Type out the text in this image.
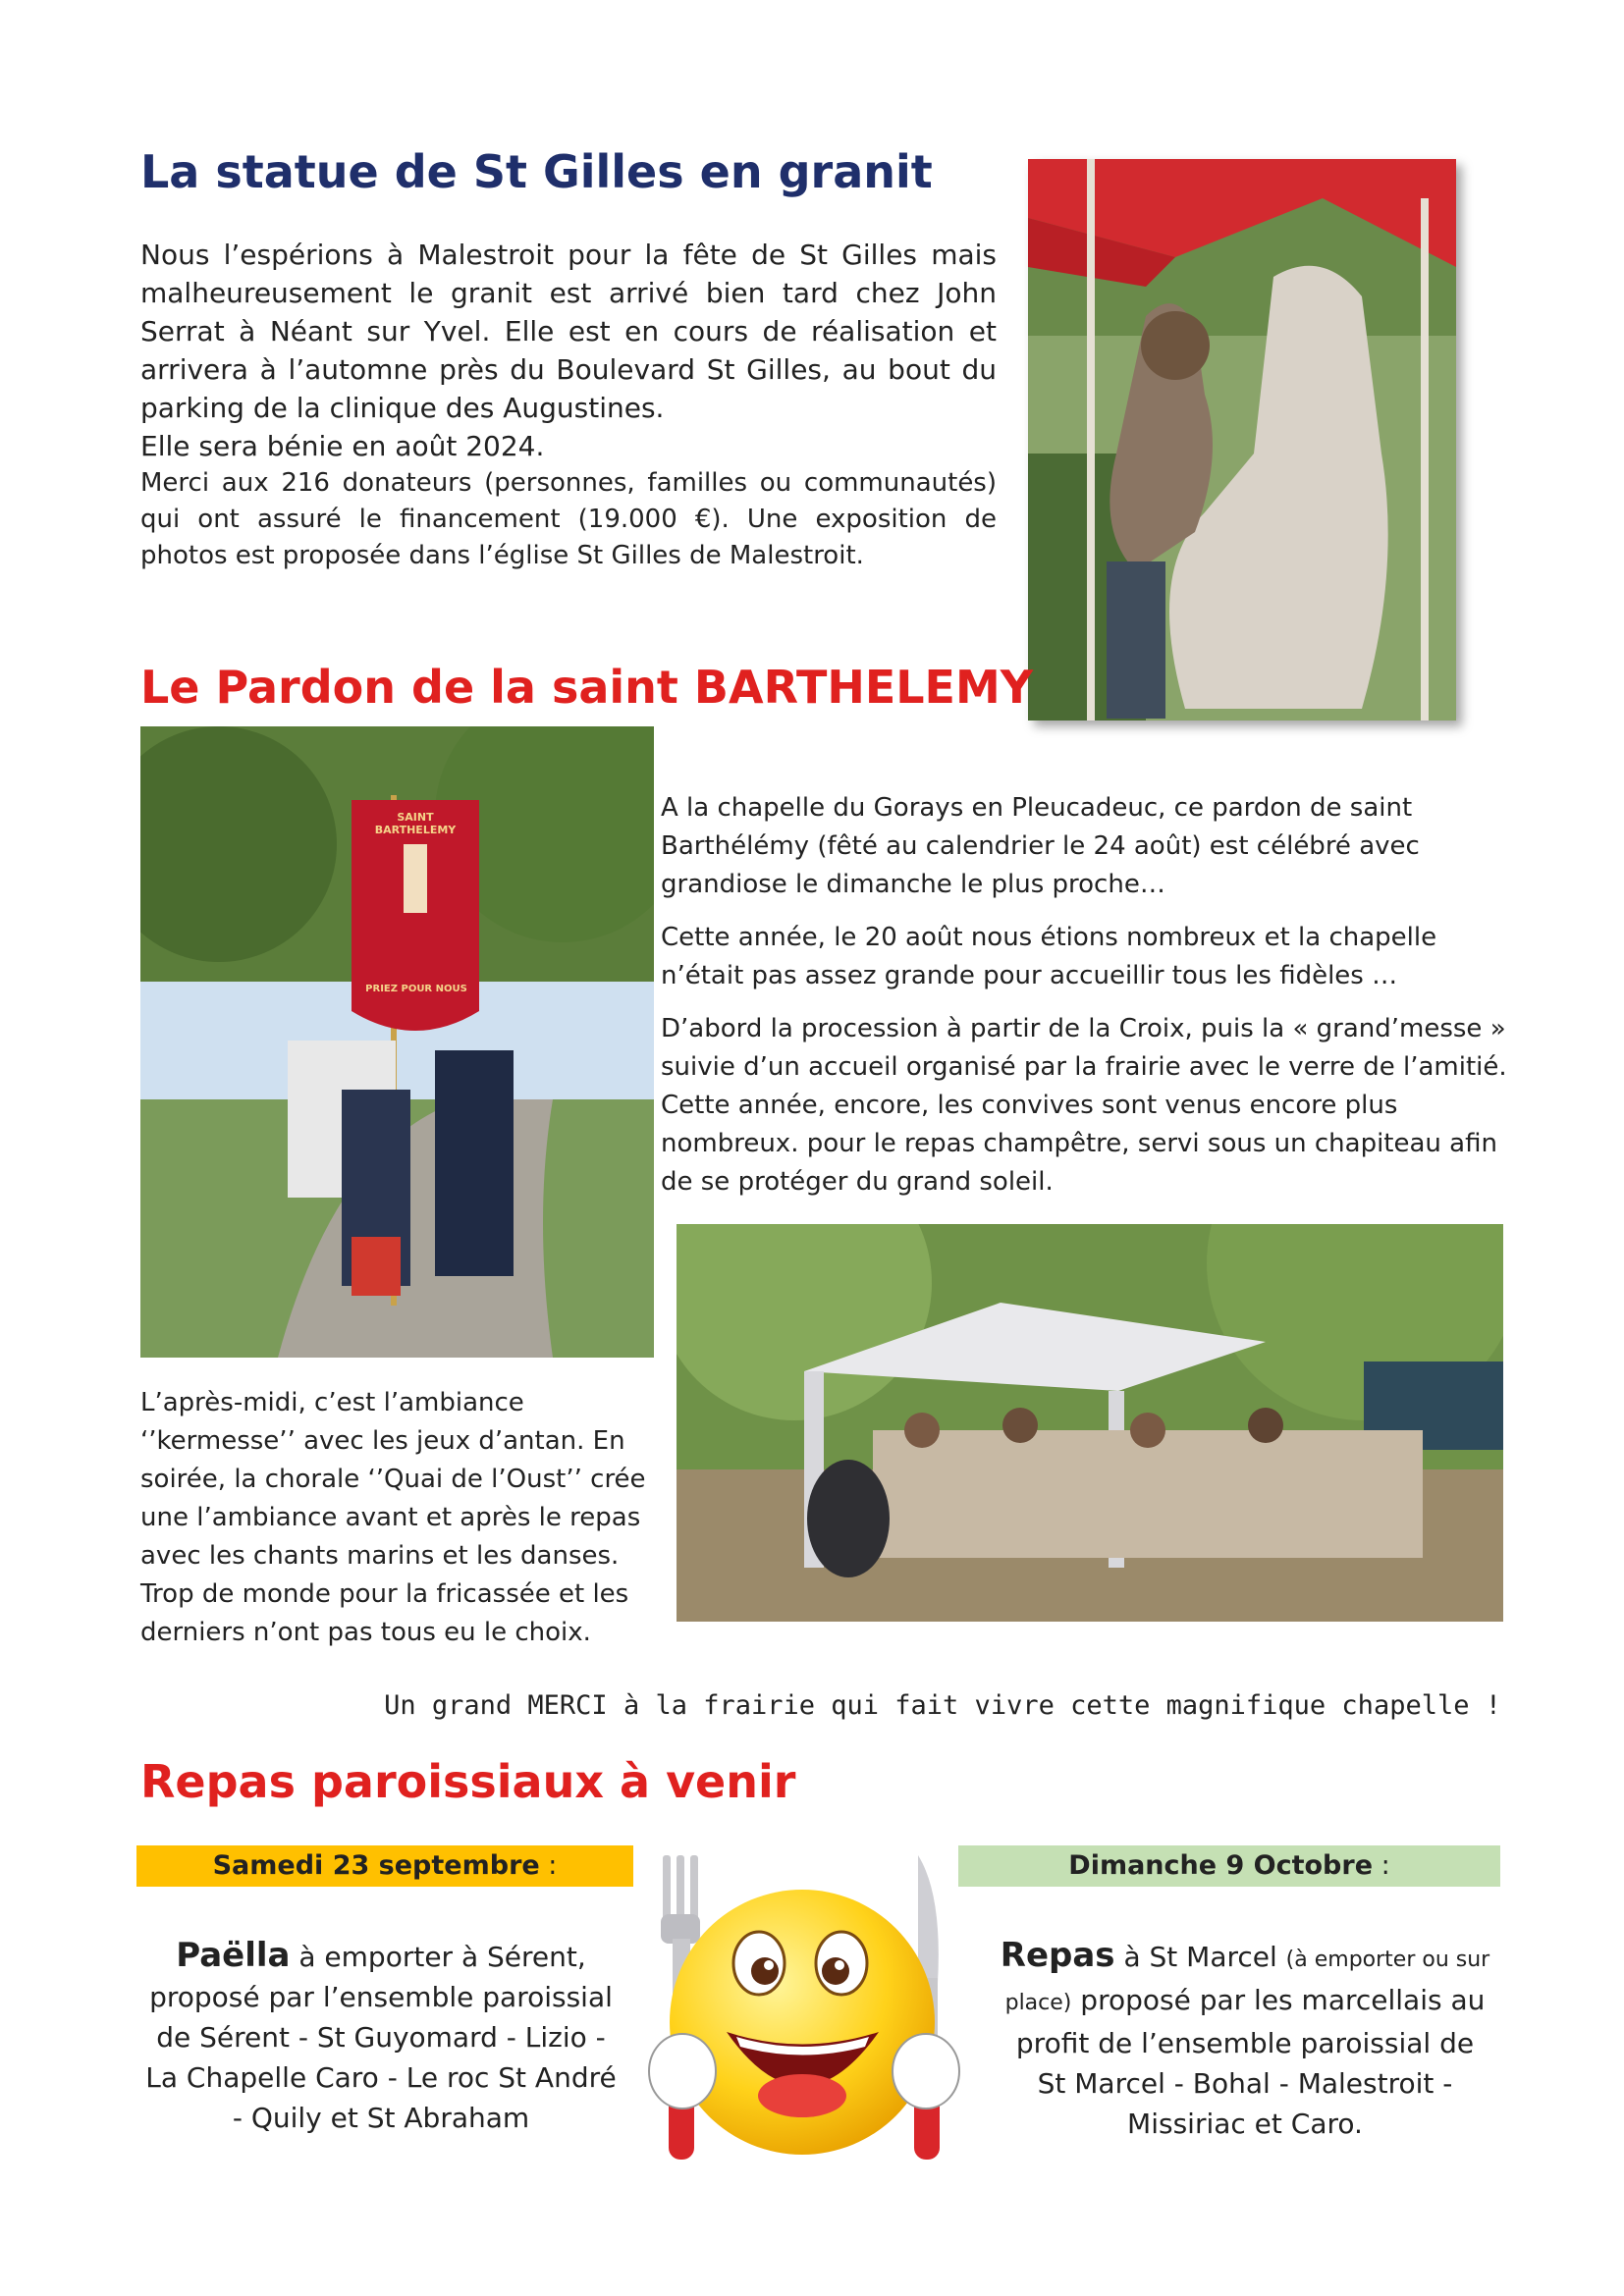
La statue de St Gilles en granit

Nous l’espérions à Malestroit pour la fête de St Gilles mais malheureusement le granit est arrivé bien tard chez John Serrat à Néant sur Yvel. Elle est en cours de réalisation et arrivera à l’automne près du Boulevard St Gilles, au bout du parking de la clinique des Augustines.

Elle sera bénie en août 2024.

Merci aux 216 donateurs (personnes, familles ou communautés) qui ont assuré le financement (19.000 €). Une exposition de photos est proposée dans l’église St Gilles de Malestroit.

Le Pardon de la saint BARTHELEMY
SAINT BARTHELEMY
PRIEZ POUR NOUS

A la chapelle du Gorays en Pleucadeuc, ce pardon de saint Barthélémy (fêté au calendrier le 24 août) est célébré avec grandiose le dimanche le plus proche…

Cette année, le 20 août nous étions nombreux et la chapelle n’était pas assez grande pour accueillir tous les fidèles …

D’abord la procession à partir de la Croix, puis la « grand’messe » suivie d’un accueil organisé par la frairie avec le verre de l’amitié. Cette année, encore, les convives sont venus encore plus nombreux. pour le repas champêtre, servi sous un chapiteau afin de se protéger du grand soleil.

L’après-midi, c’est l’ambiance ‘’kermesse’’ avec les jeux d’antan. En soirée, la chorale ‘’Quai de l’Oust’’ crée une l’ambiance avant et après le repas avec les chants marins et les danses. Trop de monde pour la fricassée et les derniers n’ont pas tous eu le choix.

Un grand MERCI à la frairie qui fait vivre cette magnifique chapelle !
Repas paroissiaux à venir
Samedi 23 septembre :	Dimanche 9 Octobre :
Paëlla à emporter à Sérent, proposé par l’ensemble paroissial de Sérent - St Guyomard - Lizio - La Chapelle Caro - Le roc St André - Quily et St Abraham
Repas à St Marcel (à emporter ou sur place) proposé par les marcellais au profit de l’ensemble paroissial de St Marcel - Bohal - Malestroit - Missiriac et Caro.
